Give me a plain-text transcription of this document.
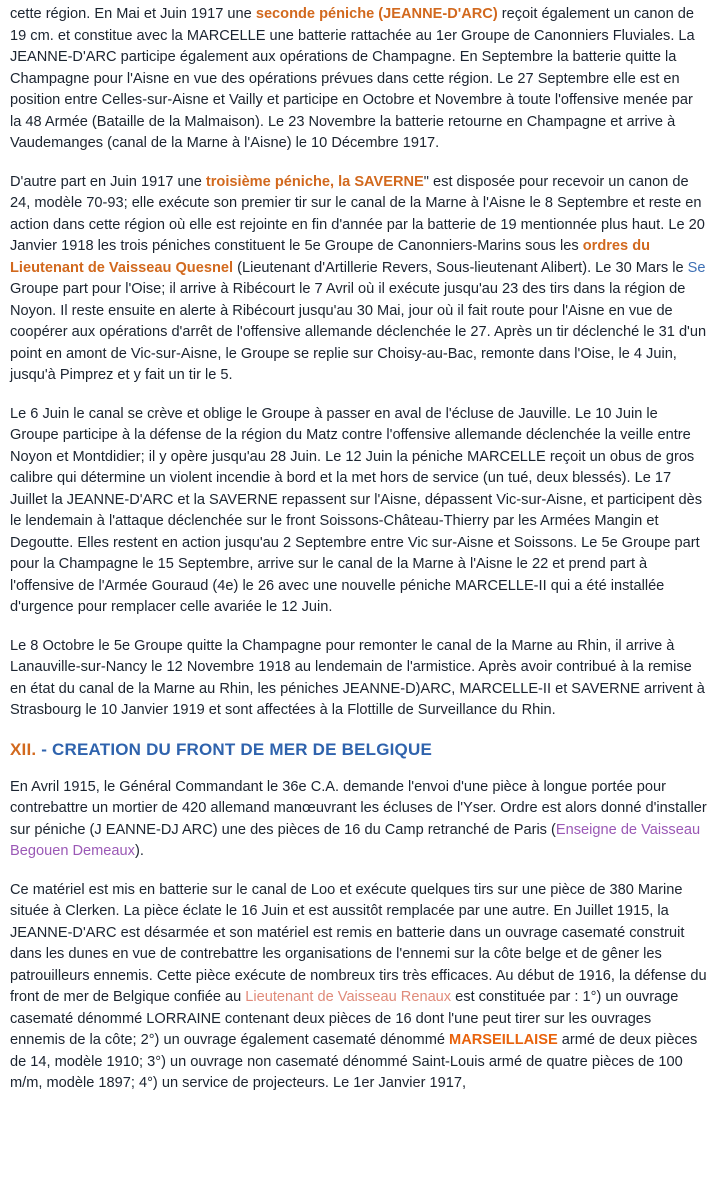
cette région. En Mai et Juin 1917 une seconde péniche (JEANNE-D'ARC) reçoit également un canon de 19 cm. et constitue avec la MARCELLE une batterie rattachée au 1er Groupe de Canonniers Fluviales. La JEANNE-D'ARC participe également aux opérations de Champagne. En Septembre la batterie quitte la Champagne pour l'Aisne en vue des opérations prévues dans cette région. Le 27 Septembre elle est en position entre Celles-sur-Aisne et Vailly et participe en Octobre et Novembre à toute l'offensive menée par la 48 Armée (Bataille de la Malmaison). Le 23 Novembre la batterie retourne en Champagne et arrive à Vaudemanges (canal de la Marne à l'Aisne) le 10 Décembre 1917.

D'autre part en Juin 1917 une troisième péniche, la SAVERNE" est disposée pour recevoir un canon de 24, modèle 70-93; elle exécute son premier tir sur le canal de la Marne à l'Aisne le 8 Septembre et reste en action dans cette région où elle est rejointe en fin d'année par la batterie de 19 mentionnée plus haut. Le 20 Janvier 1918 les trois péniches constituent le 5e Groupe de Canonniers-Marins sous les ordres du Lieutenant de Vaisseau Quesnel (Lieutenant d'Artillerie Revers, Sous-lieutenant Alibert). Le 30 Mars le Se Groupe part pour l'Oise; il arrive à Ribécourt le 7 Avril où il exécute jusqu'au 23 des tirs dans la région de Noyon. Il reste ensuite en alerte à Ribécourt jusqu'au 30 Mai, jour où il fait route pour l'Aisne en vue de coopérer aux opérations d'arrêt de l'offensive allemande déclenchée le 27. Après un tir déclenché le 31 d'un point en amont de Vic-sur-Aisne, le Groupe se replie sur Choisy-au-Bac, remonte dans l'Oise, le 4 Juin, jusqu'à Pimprez et y fait un tir le 5.

Le 6 Juin le canal se crève et oblige le Groupe à passer en aval de l'écluse de Jauville. Le 10 Juin le Groupe participe à la défense de la région du Matz contre l'offensive allemande déclenchée la veille entre Noyon et Montdidier; il y opère jusqu'au 28 Juin. Le 12 Juin la péniche MARCELLE reçoit un obus de gros calibre qui détermine un violent incendie à bord et la met hors de service (un tué, deux blessés). Le 17 Juillet la JEANNE-D'ARC et la SAVERNE repassent sur l'Aisne, dépassent Vic-sur-Aisne, et participent dès le lendemain à l'attaque déclenchée sur le front Soissons-Château-Thierry par les Armées Mangin et Degoutte. Elles restent en action jusqu'au 2 Septembre entre Vic sur-Aisne et Soissons. Le 5e Groupe part pour la Champagne le 15 Septembre, arrive sur le canal de la Marne à l'Aisne le 22 et prend part à l'offensive de l'Armée Gouraud (4e) le 26 avec une nouvelle péniche MARCELLE-II qui a été installée d'urgence pour remplacer celle avariée le 12 Juin.

Le 8 Octobre le 5e Groupe quitte la Champagne pour remonter le canal de la Marne au Rhin, il arrive à Lanauville-sur-Nancy le 12 Novembre 1918 au lendemain de l'armistice. Après avoir contribué à la remise en état du canal de la Marne au Rhin, les péniches JEANNE-D)ARC, MARCELLE-II et SAVERNE arrivent à Strasbourg le 10 Janvier 1919 et sont affectées à la Flottille de Surveillance du Rhin.

XII. - CREATION DU FRONT DE MER DE BELGIQUE

En Avril 1915, le Général Commandant le 36e C.A. demande l'envoi d'une pièce à longue portée pour contrebattre un mortier de 420 allemand manœuvrant les écluses de l'Yser. Ordre est alors donné d'installer sur péniche (J EANNE-DJ ARC) une des pièces de 16 du Camp retranché de Paris (Enseigne de Vaisseau Begouen Demeaux).

Ce matériel est mis en batterie sur le canal de Loo et exécute quelques tirs sur une pièce de 380 Marine située à Clerken. La pièce éclate le 16 Juin et est aussitôt remplacée par une autre. En Juillet 1915, la JEANNE-D'ARC est désarmée et son matériel est remis en batterie dans un ouvrage casematé construit dans les dunes en vue de contrebattre les organisations de l'ennemi sur la côte belge et de gêner les patrouilleurs ennemis. Cette pièce exécute de nombreux tirs très efficaces. Au début de 1916, la défense du front de mer de Belgique confiée au Lieutenant de Vaisseau Renaux est constituée par : 1°) un ouvrage casematé dénommé LORRAINE contenant deux pièces de 16 dont l'une peut tirer sur les ouvrages ennemis de la côte; 2°) un ouvrage également casematé dénommé MARSEILLAISE armé de deux pièces de 14, modèle 1910; 3°) un ouvrage non casematé dénommé Saint-Louis armé de quatre pièces de 100 m/m, modèle 1897; 4°) un service de projecteurs. Le 1er Janvier 1917,
